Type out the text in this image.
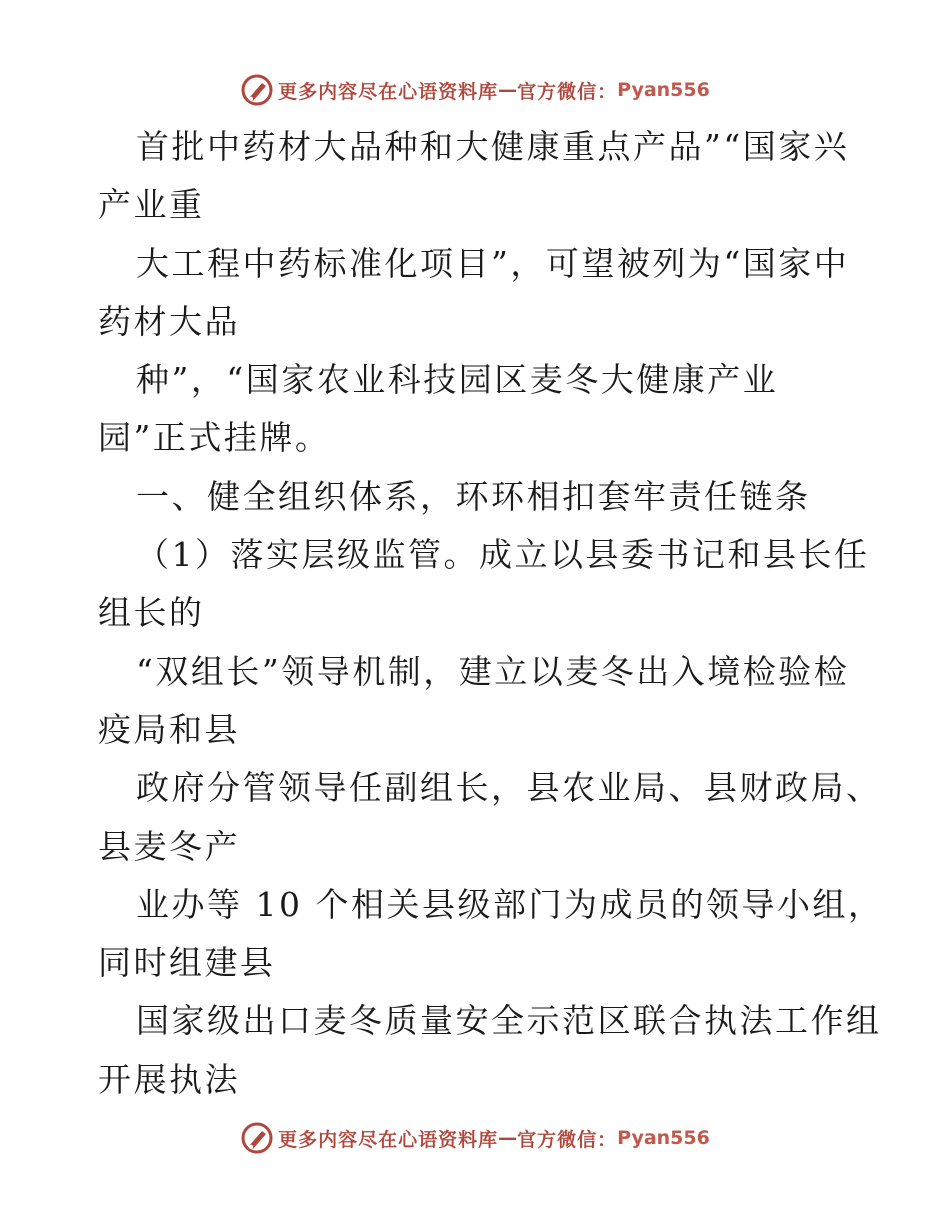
更多内容尽在心语资料库 — 官方微信： Pyan556
首批中药材大品种和大健康重点产品”“国家兴
产业重
大工程中药标准化项目”，可望被列为“国家中
药材大品
种”，“国家农业科技园区麦冬大健康产业
园”正式挂牌。
一、健全组织体系，环环相扣套牢责任链条
（1）落实层级监管。成立以县委书记和县长任
组长的
“双组长”领导机制，建立以麦冬出入境检验检
疫局和县
政府分管领导任副组长，县农业局、县财政局、
县麦冬产
业办等 10 个相关县级部门为成员的领导小组，
同时组建县
国家级出口麦冬质量安全示范区联合执法工作组
开展执法
更多内容尽在心语资料库 — 官方微信： Pyan556
